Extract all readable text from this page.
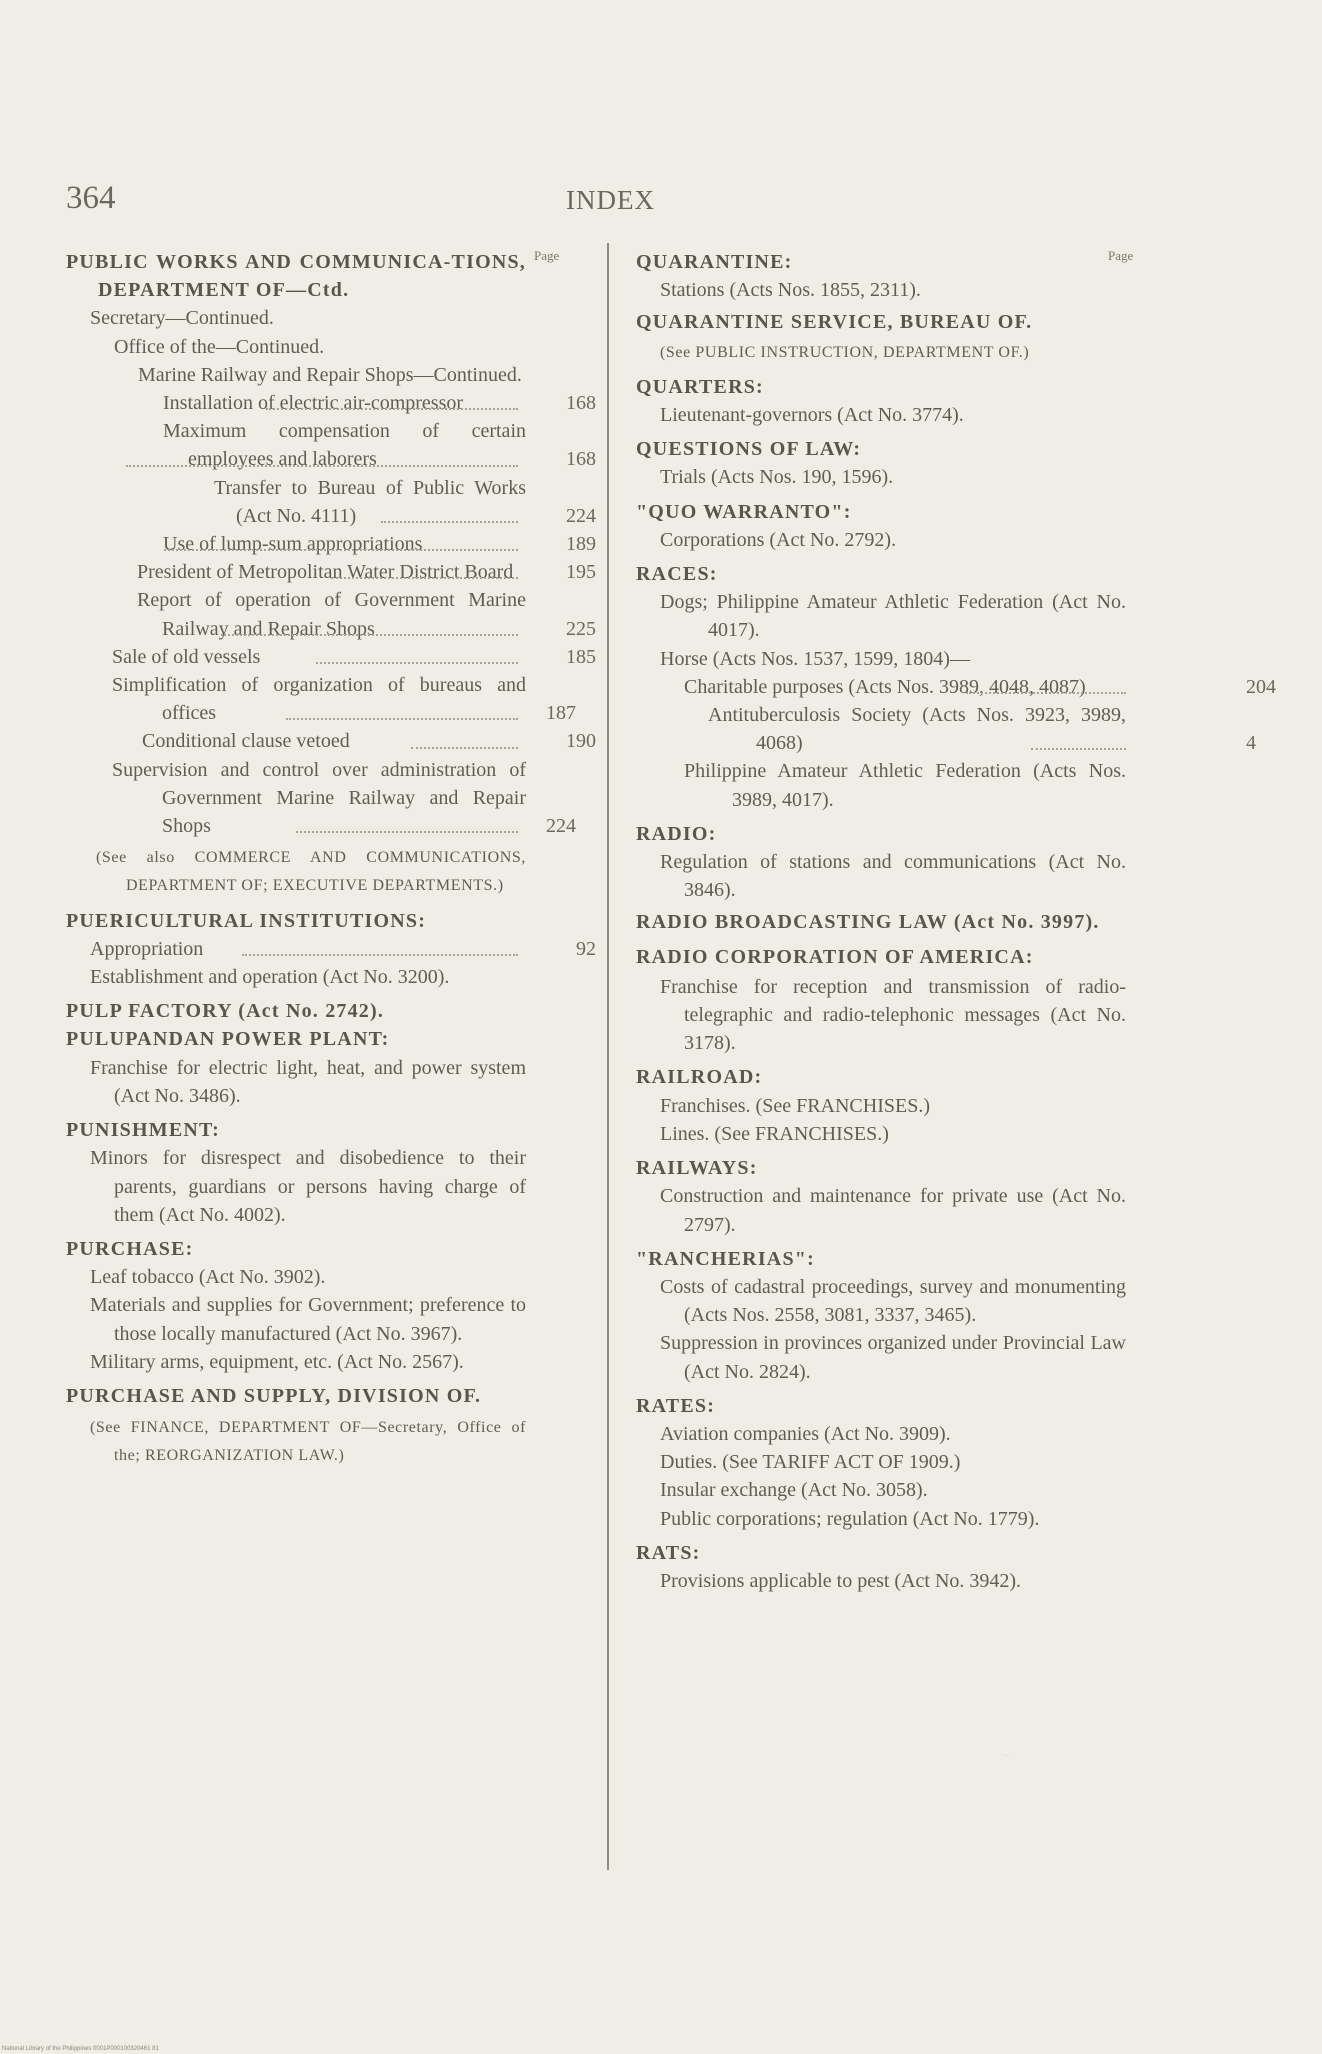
364	INDEX
Page
PUBLIC WORKS AND COMMUNICA-TIONS, DEPARTMENT OF—Ctd.
Secretary—Continued.
Office of the—Continued.
Marine Railway and Repair Shops—Continued.
Installation of electric air-compressor	168
Maximum compensation of certain employees and laborers	168
Transfer to Bureau of Public Works (Act No. 4111)	224
Use of lump-sum appropriations	189
President of Metropolitan Water District Board	195
Report of operation of Government Marine Railway and Repair Shops	225
Sale of old vessels	185
Simplification of organization of bureaus and offices	187
Conditional clause vetoed	190
Supervision and control over administration of Government Marine Railway and Repair Shops	224
(See also COMMERCE AND COMMUNICATIONS, DEPARTMENT OF; EXECUTIVE DEPARTMENTS.)
PUERICULTURAL INSTITUTIONS:
Appropriation	92
Establishment and operation (Act No. 3200).
PULP FACTORY (Act No. 2742).
PULUPANDAN POWER PLANT:
Franchise for electric light, heat, and power system (Act No. 3486).
PUNISHMENT:
Minors for disrespect and disobedience to their parents, guardians or persons having charge of them (Act No. 4002).
PURCHASE:
Leaf tobacco (Act No. 3902).
Materials and supplies for Government; preference to those locally manufactured (Act No. 3967).
Military arms, equipment, etc. (Act No. 2567).
PURCHASE AND SUPPLY, DIVISION OF.
(See FINANCE, DEPARTMENT OF—Secretary, Office of the; REORGANIZATION LAW.)
Page
QUARANTINE:
Stations (Acts Nos. 1855, 2311).
QUARANTINE SERVICE, BUREAU OF.
(See PUBLIC INSTRUCTION, DEPARTMENT OF.)
QUARTERS:
Lieutenant-governors (Act No. 3774).
QUESTIONS OF LAW:
Trials (Acts Nos. 190, 1596).
"QUO WARRANTO":
Corporations (Act No. 2792).
RACES:
Dogs; Philippine Amateur Athletic Federation (Act No. 4017).
Horse (Acts Nos. 1537, 1599, 1804)—
Charitable purposes (Acts Nos. 3989, 4048, 4087)	204
Antituberculosis Society (Acts Nos. 3923, 3989, 4068)	4
Philippine Amateur Athletic Federation (Acts Nos. 3989, 4017).
RADIO:
Regulation of stations and communications (Act No. 3846).
RADIO BROADCASTING LAW (Act No. 3997).
RADIO CORPORATION OF AMERICA:
Franchise for reception and transmission of radio-telegraphic and radio-telephonic messages (Act No. 3178).
RAILROAD:
Franchises. (See FRANCHISES.)
Lines. (See FRANCHISES.)
RAILWAYS:
Construction and maintenance for private use (Act No. 2797).
"RANCHERIAS":
Costs of cadastral proceedings, survey and monumenting (Acts Nos. 2558, 3081, 3337, 3465).
Suppression in provinces organized under Provincial Law (Act No. 2824).
RATES:
Aviation companies (Act No. 3909).
Duties. (See TARIFF ACT OF 1909.)
Insular exchange (Act No. 3058).
Public corporations; regulation (Act No. 1779).
RATS:
Provisions applicable to pest (Act No. 3942).
ˑ·ˑ
National Library of the Philippines 0001P000100320461 81
